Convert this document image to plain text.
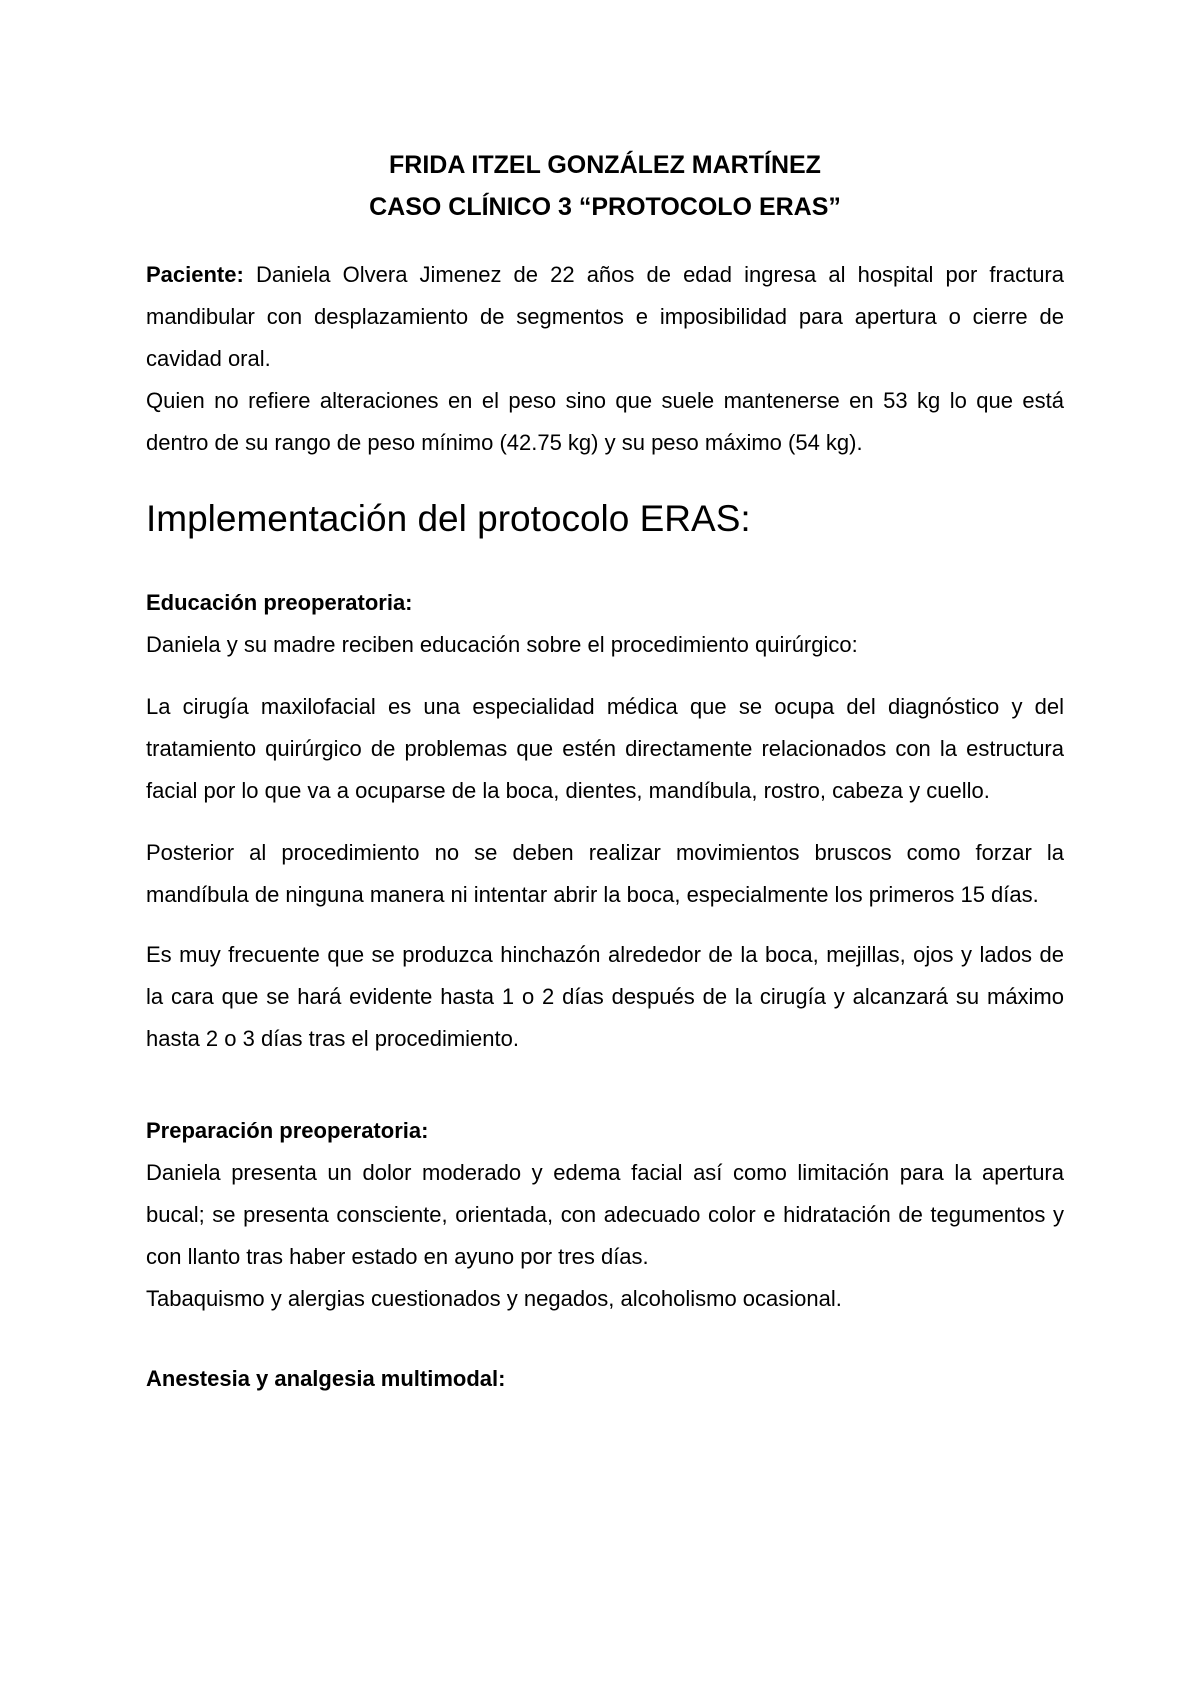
FRIDA ITZEL GONZÁLEZ MARTÍNEZ

CASO CLÍNICO 3 “PROTOCOLO ERAS”

Paciente: Daniela Olvera Jimenez de 22 años de edad ingresa al hospital por fractura mandibular con desplazamiento de segmentos e imposibilidad para apertura o cierre de cavidad oral.

Quien no refiere alteraciones en el peso sino que suele mantenerse en 53 kg lo que está dentro de su rango de peso mínimo (42.75 kg) y su peso máximo (54 kg).

Implementación del protocolo ERAS:
Educación preoperatoria:

Daniela y su madre reciben educación sobre el procedimiento quirúrgico:

La cirugía maxilofacial es una especialidad médica que se ocupa del diagnóstico y del tratamiento quirúrgico de problemas que estén directamente relacionados con la estructura facial por lo que va a ocuparse de la boca, dientes, mandíbula, rostro, cabeza y cuello.

Posterior al procedimiento no se deben realizar movimientos bruscos como forzar la mandíbula de ninguna manera ni intentar abrir la boca, especialmente los primeros 15 días.

Es muy frecuente que se produzca hinchazón alrededor de la boca, mejillas, ojos y lados de la cara que se hará evidente hasta 1 o 2 días después de la cirugía y alcanzará su máximo hasta 2 o 3 días tras el procedimiento.

Preparación preoperatoria:

Daniela presenta un dolor moderado y edema facial así como limitación para la apertura bucal; se presenta consciente, orientada, con adecuado color e hidratación de tegumentos y con llanto tras haber estado en ayuno por tres días.

Tabaquismo y alergias cuestionados y negados, alcoholismo ocasional.

Anestesia y analgesia multimodal:
